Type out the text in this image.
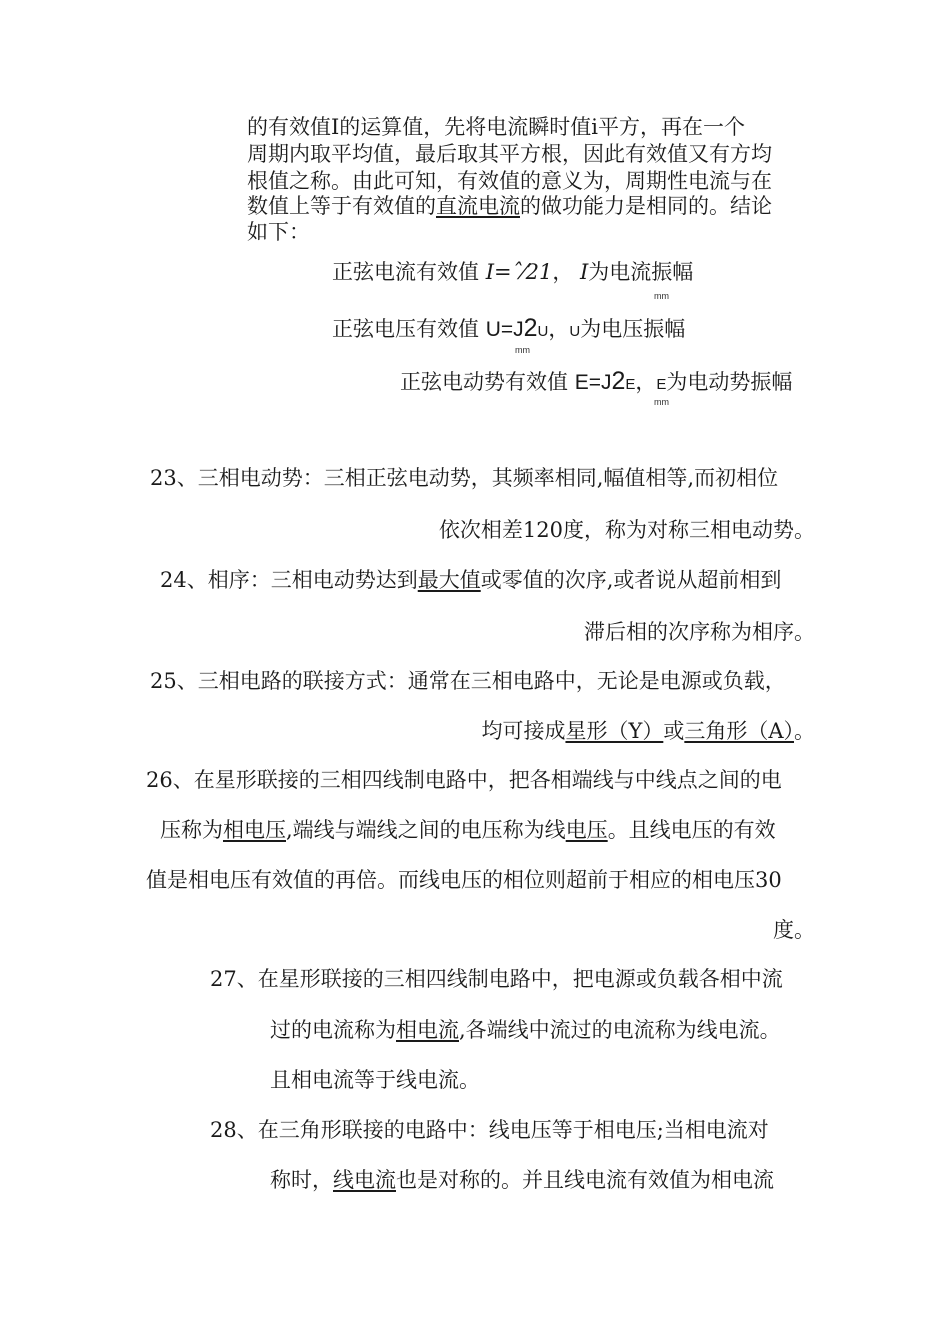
的有效值Ⅰ的运算值，先将电流瞬时值ⅰ平方，再在一个
周期内取平均值，最后取其平方根，因此有效值又有方均
根值之称。由此可知，有效值的意义为，周期性电流与在
数值上等于有效值的直流电流的做功能力是相同的。结论
如下：
正弦电流有效值 I=ˆ⁄21， I为电流振幅
mm
正弦电压有效值 U=J2U，U为电压振幅
mm
正弦电动势有效值 E=J2E，E为电动势振幅
mm
23、三相电动势：三相正弦电动势，其频率相同,幅值相等,而初相位
依次相差120度，称为对称三相电动势。
24、相序：三相电动势达到最大值或零值的次序,或者说从超前相到
滞后相的次序称为相序。
25、三相电路的联接方式：通常在三相电路中，无论是电源或负载，
均可接成星形（Y）或三角形（A）。
26、在星形联接的三相四线制电路中，把各相端线与中线点之间的电
压称为相电压,端线与端线之间的电压称为线电压。且线电压的有效
值是相电压有效值的再倍。而线电压的相位则超前于相应的相电压30
度。
27、在星形联接的三相四线制电路中，把电源或负载各相中流
过的电流称为相电流,各端线中流过的电流称为线电流。
且相电流等于线电流。
28、在三角形联接的电路中：线电压等于相电压;当相电流对
称时，线电流也是对称的。并且线电流有效值为相电流
